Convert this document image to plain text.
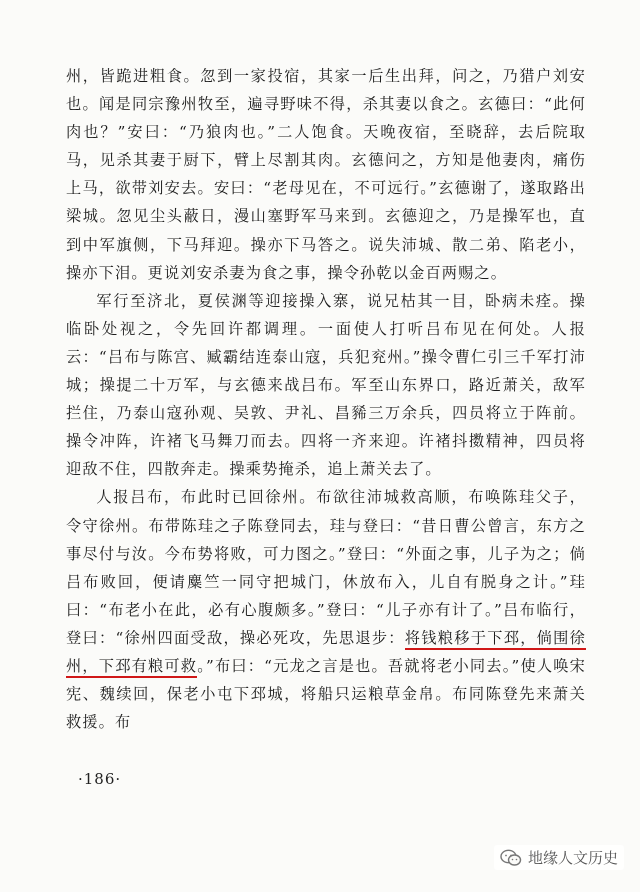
州，皆跪进粗食。忽到一家投宿，其家一后生出拜，问之，乃猎户刘安也。闻是同宗豫州牧至，遍寻野味不得，杀其妻以食之。玄德曰：“此何肉也？”安曰：“乃狼肉也。”二人饱食。天晚夜宿，至晓辞，去后院取马，见杀其妻于厨下，臂上尽割其肉。玄德问之，方知是他妻肉，痛伤上马，欲带刘安去。安曰：“老母见在，不可远行。”玄德谢了，遂取路出梁城。忽见尘头蔽日，漫山塞野军马来到。玄德迎之，乃是操军也，直到中军旗侧，下马拜迎。操亦下马答之。说失沛城、散二弟、陷老小，操亦下泪。更说刘安杀妻为食之事，操令孙乾以金百两赐之。

军行至济北，夏侯渊等迎接操入寨，说兄枯其一目，卧病未痊。操临卧处视之，令先回许都调理。一面使人打听吕布见在何处。人报云：“吕布与陈宫、臧霸结连泰山寇，兵犯兖州。”操令曹仁引三千军打沛城；操提二十万军，与玄德来战吕布。军至山东界口，路近萧关，敌军拦住，乃泰山寇孙观、吴敦、尹礼、昌豨三万余兵，四员将立于阵前。操令冲阵，许褚飞马舞刀而去。四将一齐来迎。许褚抖擞精神，四员将迎敌不住，四散奔走。操乘势掩杀，追上萧关去了。

人报吕布，布此时已回徐州。布欲往沛城救高顺，布唤陈珪父子，令守徐州。布带陈珪之子陈登同去，珪与登曰：“昔日曹公曾言，东方之事尽付与汝。今布势将败，可力图之。”登曰：“外面之事，儿子为之；倘吕布败回，便请麋竺一同守把城门，休放布入，儿自有脱身之计。”珪曰：“布老小在此，必有心腹颇多。”登曰：“儿子亦有计了。”吕布临行，登曰：“徐州四面受敌，操必死攻，先思退步：将钱粮移于下邳，倘围徐州，下邳有粮可救。”布曰：“元龙之言是也。吾就将老小同去。”使人唤宋宪、魏续回，保老小屯下邳城，将船只运粮草金帛。布同陈登先来萧关救援。布

·186·
地缘人文历史
